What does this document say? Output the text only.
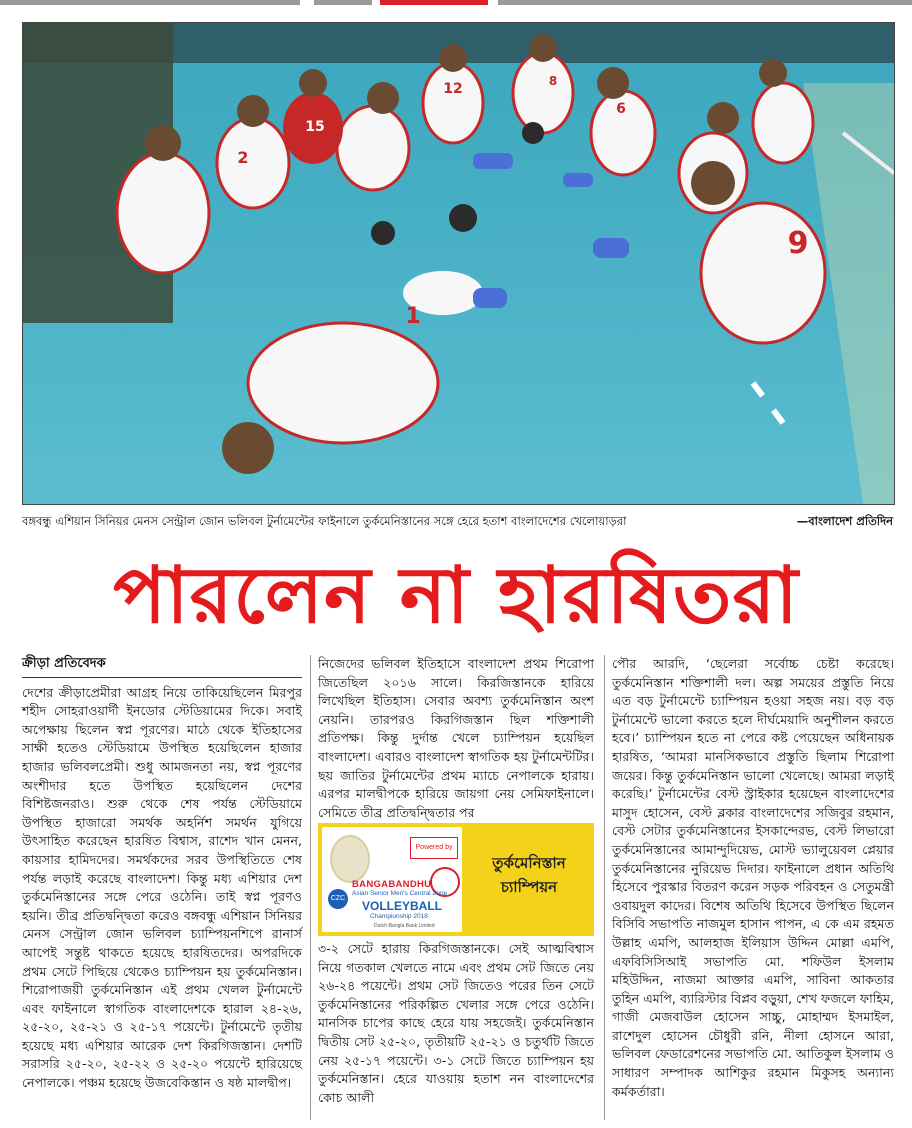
2
12
15
6
8
9
1
বঙ্গবন্ধু এশিয়ান সিনিয়র মেনস সেন্ট্রাল জোন ভলিবল টুর্নামেন্টের ফাইনালে তুর্কমেনিস্তানের সঙ্গে হেরে হতাশ বাংলাদেশের খেলোয়াড়রা	—বাংলাদেশ প্রতিদিন
পারলেন না হারষিতরা

ক্রীড়া প্রতিবেদক

দেশের ক্রীড়াপ্রেমীরা আগ্রহ নিয়ে তাকিয়েছিলেন মিরপুর শহীদ সোহরাওয়ার্দী ইনডোর স্টেডিয়ামের দিকে। সবাই অপেক্ষায় ছিলেন স্বপ্ন পূরণের। মাঠে থেকে ইতিহাসের সাক্ষী হতেও স্টেডিয়ামে উপস্থিত হয়েছিলেন হাজার হাজার ভলিবলপ্রেমী। শুধু আমজনতা নয়, স্বপ্ন পূরণের অংশীদার হতে উপস্থিত হয়েছিলেন দেশের বিশিষ্টজনরাও। শুরু থেকে শেষ পর্যন্ত স্টেডিয়ামে উপস্থিত হাজারো সমর্থক অহর্নিশ সমর্থন যুগিয়ে উৎসাহিত করেছেন হারষিত বিশ্বাস, রাশেদ খান মেনন, কায়সার হামিদদের। সমর্থকদের সরব উপস্থিতিতে শেষ পর্যন্ত লড়াই করেছে বাংলাদেশ। কিন্তু মধ্য এশিয়ার দেশ তুর্কমেনিস্তানের সঙ্গে পেরে ওঠেনি। তাই স্বপ্ন পূরণও হয়নি। তীব্র প্রতিদ্বন্দ্বিতা করেও বঙ্গবন্ধু এশিয়ান সিনিয়র মেনস সেন্ট্রাল জোন ভলিবল চ্যাম্পিয়নশিপে রানার্স আপেই সন্তুষ্ট থাকতে হয়েছে হারষিতদের। অপরদিকে প্রথম সেটে পিছিয়ে থেকেও চ্যাম্পিয়ন হয় তুর্কমেনিস্তান। শিরোপাজয়ী তুর্কমেনিস্তান এই প্রথম খেলল টুর্নামেন্টে এবং ফাইনালে স্বাগতিক বাংলাদেশকে হারাল ২৪-২৬, ২৫-২০, ২৫-২১ ও ২৫-১৭ পয়েন্টে। টুর্নামেন্টে তৃতীয় হয়েছে মধ্য এশিয়ার আরেক দেশ কিরগিজস্তান। দেশটি সরাসরি ২৫-২০, ২৫-২২ ও ২৫-২০ পয়েন্টে হারিয়েছে নেপালকে। পঞ্চম হয়েছে উজবেকিস্তান ও ষষ্ঠ মালদ্বীপ।

নিজেদের ভলিবল ইতিহাসে বাংলাদেশ প্রথম শিরোপা জিতেছিল ২০১৬ সালে। কিরজিস্তানকে হারিয়ে লিখেছিল ইতিহাস। সেবার অবশ্য তুর্কমেনিস্তান অংশ নেয়নি। তারপরও কিরগিজস্তান ছিল শক্তিশালী প্রতিপক্ষ। কিন্তু দুর্দান্ত খেলে চ্যাম্পিয়ন হয়েছিল বাংলাদেশ। এবারও বাংলাদেশ স্বাগতিক হয় টুর্নামেন্টটির। ছয় জাতির টুর্নামেন্টের প্রথম ম্যাচে নেপালকে হারায়। এরপর মালদ্বীপকে হারিয়ে জায়গা নেয় সেমিফাইনালে। সেমিতে তীব্র প্রতিদ্বন্দ্বিতার পর

Powered by
CZC
BANGABANDHU
Asian Senior Men's Central Zone
VOLLEYBALL
Championship 2018
Dutch-Bangla Bank Limited
তুর্কমেনিস্তান
চ্যাম্পিয়ন

৩-২ সেটে হারায় কিরগিজস্তানকে। সেই আত্মবিশ্বাস নিয়ে গতকাল খেলতে নামে এবং প্রথম সেট জিতে নেয় ২৬-২৪ পয়েন্টে। প্রথম সেট জিতেও পরের তিন সেটে তুর্কমেনিস্তানের পরিকল্পিত খেলার সঙ্গে পেরে ওঠেনি। মানসিক চাপের কাছে হেরে যায় সহজেই। তুর্কমেনিস্তান দ্বিতীয় সেট ২৫-২০, তৃতীয়টি ২৫-২১ ও চতুর্থটি জিতে নেয় ২৫-১৭ পয়েন্টে। ৩-১ সেটে জিতে চ্যাম্পিয়ন হয় তুর্কমেনিস্তান। হেরে যাওয়ায় হতাশ নন বাংলাদেশের কোচ আলী

পৌর আরদি, ‘ছেলেরা সর্বোচ্চ চেষ্টা করেছে। তুর্কমেনিস্তান শক্তিশালী দল। অল্প সময়ের প্রস্তুতি নিয়ে এত বড় টুর্নামেন্টে চ্যাম্পিয়ন হওয়া সহজ নয়। বড় বড় টুর্নামেন্টে ভালো করতে হলে দীর্ঘমেয়াদি অনুশীলন করতে হবে।’ চ্যাম্পিয়ন হতে না পেরে কষ্ট পেয়েছেন অধিনায়ক হারষিত, ‘আমরা মানসিকভাবে প্রস্তুতি ছিলাম শিরোপা জয়ের। কিন্তু তুর্কমেনিস্তান ভালো খেলেছে। আমরা লড়াই করেছি।’ টুর্নামেন্টের বেস্ট স্ট্রাইকার হয়েছেন বাংলাদেশের মাসুদ হোসেন, বেস্ট ব্লকার বাংলাদেশের সজিবুর রহমান, বেস্ট সেটার তুর্কমেনিস্তানের ইসকান্দেরভ, বেস্ট লিভারো তুর্কমেনিস্তানের আমান্দুদিয়েভ, মোস্ট ভ্যালুয়েবল প্লেয়ার তুর্কমেনিস্তানের নুরিয়েভ দিদার। ফাইনালে প্রধান অতিথি হিসেবে পুরস্কার বিতরণ করেন সড়ক পরিবহন ও সেতুমন্ত্রী ওবায়দুল কাদের। বিশেষ অতিথি হিসেবে উপস্থিত ছিলেন বিসিবি সভাপতি নাজমুল হাসান পাপন, এ কে এম রহমত উল্লাহ এমপি, আলহাজ ইলিয়াস উদ্দিন মোল্লা এমপি, এফবিসিসিআই সভাপতি মো. শফিউল ইসলাম মহিউদ্দিন, নাজমা আক্তার এমপি, সাবিনা আকতার তুহিন এমপি, ব্যারিস্টার বিপ্লব বড়ুয়া, শেখ ফজলে ফাহিম, গাজী মেজবাউল হোসেন সাচ্চু, মোহাম্মদ ইসমাইল, রাশেদুল হোসেন চৌধুরী রনি, নীলা হোসনে আরা, ভলিবল ফেডারেশনের সভাপতি মো. আতিকুল ইসলাম ও সাধারণ সম্পাদক আশিকুর রহমান মিকুসহ অন্যান্য কর্মকর্তারা।
